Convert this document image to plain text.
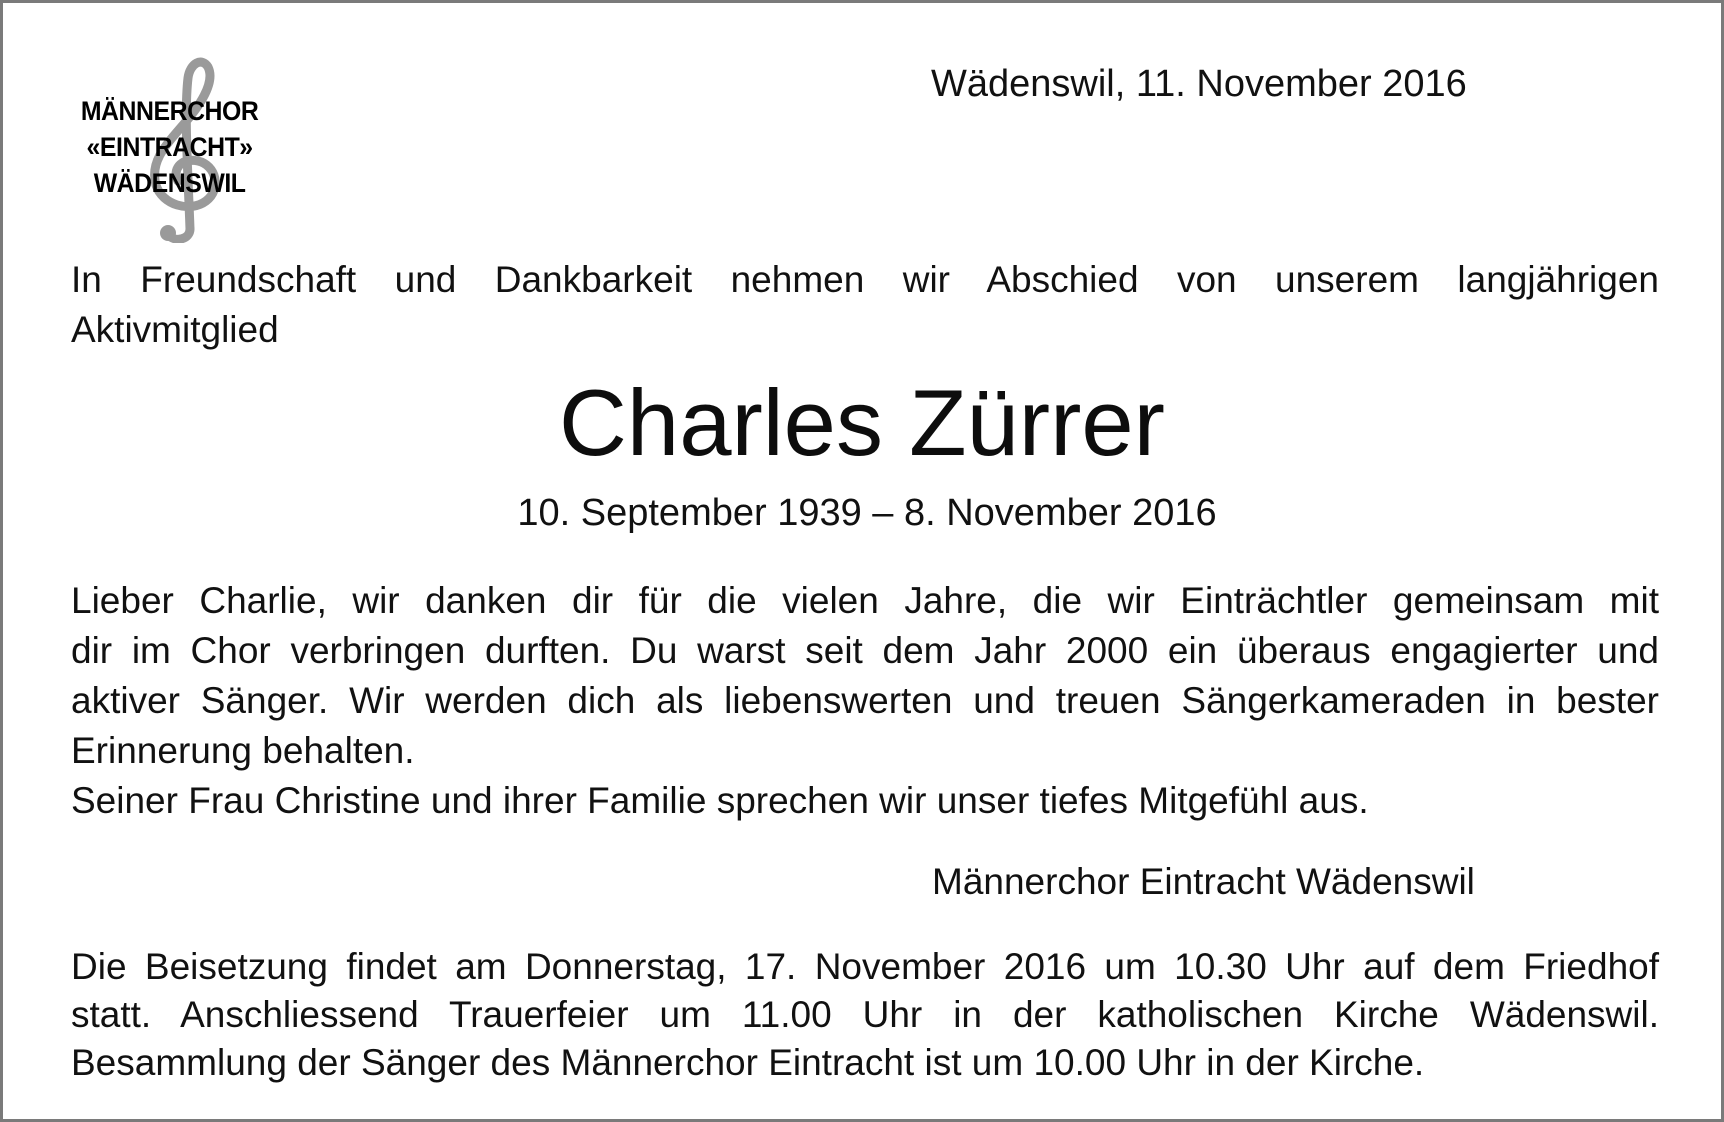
MÄNNERCHOR
«EINTRACHT»
WÄDENSWIL
Wädenswil, 11. November 2016
In Freundschaft und Dankbarkeit nehmen wir Abschied von unserem langjährigen
Aktivmitglied
Charles Zürrer
10. September 1939 – 8. November 2016
Lieber Charlie, wir danken dir für die vielen Jahre, die wir Einträchtler gemeinsam mit
dir im Chor verbringen durften. Du warst seit dem Jahr 2000 ein überaus engagierter und
aktiver Sänger. Wir werden dich als liebenswerten und treuen Sängerkameraden in bester
Erinnerung behalten.
Seiner Frau Christine und ihrer Familie sprechen wir unser tiefes Mitgefühl aus.
Männerchor Eintracht Wädenswil
Die Beisetzung findet am Donnerstag, 17. November 2016 um 10.30 Uhr auf dem Friedhof
statt. Anschliessend Trauerfeier um 11.00 Uhr in der katholischen Kirche Wädenswil.
Besammlung der Sänger des Männerchor Eintracht ist um 10.00 Uhr in der Kirche.
